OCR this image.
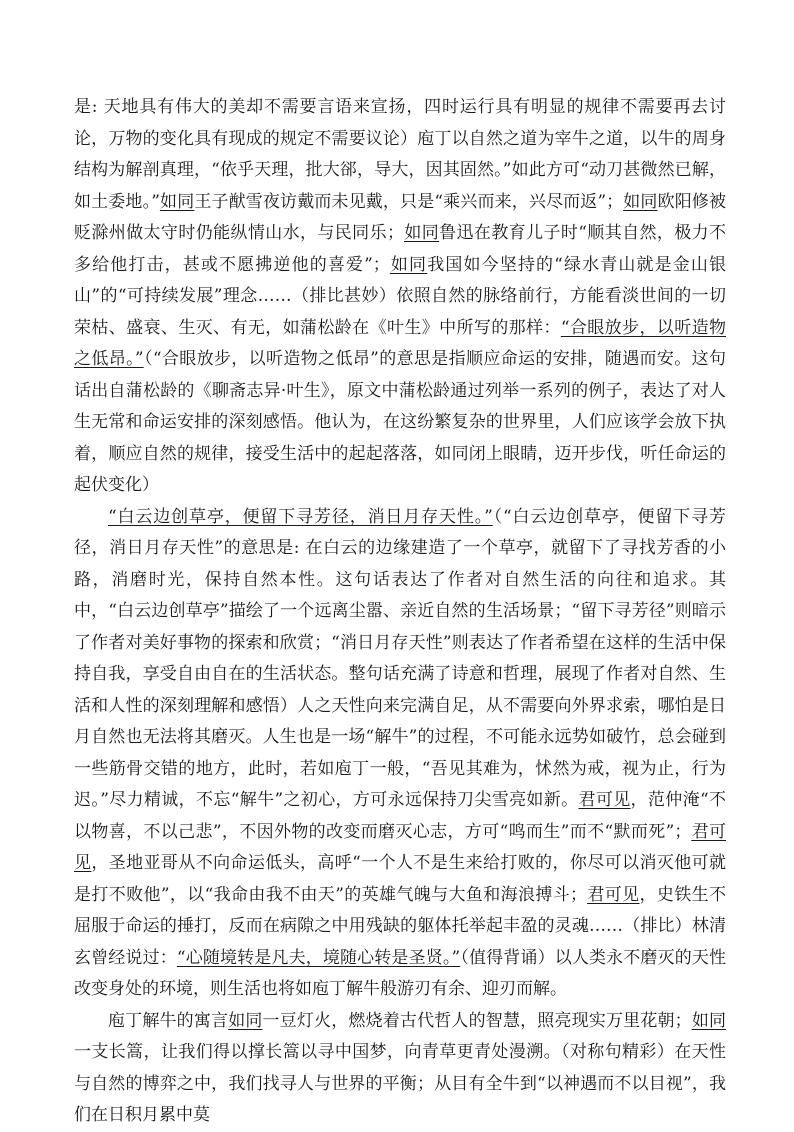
是: 天地具有伟大的美却不需要言语来宣扬，四时运行具有明显的规律不需要再去讨论，万物的变化具有现成的规定不需要议论）庖丁以自然之道为宰牛之道，以牛的周身结构为解剖真理，“依乎天理，批大郤，导大，因其固然。”如此方可“动刀甚微然已解，如土委地。”如同王子猷雪夜访戴而未见戴，只是“乘兴而来，兴尽而返”；如同欧阳修被贬滁州做太守时仍能纵情山水，与民同乐；如同鲁迅在教育儿子时“顺其自然，极力不多给他打击，甚或不愿拂逆他的喜爱”；如同我国如今坚持的“绿水青山就是金山银山”的“可持续发展”理念……（排比甚妙）依照自然的脉络前行，方能看淡世间的一切荣枯、盛衰、生灭、有无，如蒲松龄在《叶生》中所写的那样：“合眼放步，以听造物之低昂。”（“合眼放步，以听造物之低昂”的意思是指顺应命运的安排，随遇而安。这句话出自蒲松龄的《聊斋志异·叶生》，原文中蒲松龄通过列举一系列的例子，表达了对人生无常和命运安排的深刻感悟。他认为，在这纷繁复杂的世界里，人们应该学会放下执着，顺应自然的规律，接受生活中的起起落落，如同闭上眼睛，迈开步伐，听任命运的起伏变化）

“白云边创草亭，便留下寻芳径，消日月存天性。”（“白云边创草亭，便留下寻芳径，消日月存天性”的意思是: 在白云的边缘建造了一个草亭，就留下了寻找芳香的小路，消磨时光，保持自然本性。这句话表达了作者对自然生活的向往和追求。其中，“白云边创草亭”描绘了一个远离尘嚣、亲近自然的生活场景；“留下寻芳径”则暗示了作者对美好事物的探索和欣赏；“消日月存天性”则表达了作者希望在这样的生活中保持自我，享受自由自在的生活状态。整句话充满了诗意和哲理，展现了作者对自然、生活和人性的深刻理解和感悟）人之天性向来完满自足，从不需要向外界求索，哪怕是日月自然也无法将其磨灭。人生也是一场“解牛”的过程，不可能永远势如破竹，总会碰到一些筋骨交错的地方，此时，若如庖丁一般，“吾见其难为，怵然为戒，视为止，行为迟。”尽力精诚，不忘“解牛”之初心，方可永远保持刀尖雪亮如新。君可见，范仲淹“不以物喜，不以己悲”，不因外物的改变而磨灭心志，方可“鸣而生”而不“默而死”；君可见，圣地亚哥从不向命运低头，高呼“一个人不是生来给打败的，你尽可以消灭他可就是打不败他”，以“我命由我不由天”的英雄气魄与大鱼和海浪搏斗；君可见，史铁生不屈服于命运的捶打，反而在病隙之中用残缺的躯体托举起丰盈的灵魂……（排比）林清玄曾经说过：“心随境转是凡夫，境随心转是圣贤。”（值得背诵）以人类永不磨灭的天性改变身处的环境，则生活也将如庖丁解牛般游刃有余、迎刃而解。

庖丁解牛的寓言如同一豆灯火，燃烧着古代哲人的智慧，照亮现实万里花朝；如同一支长篙，让我们得以撑长篙以寻中国梦，向青草更青处漫溯。（对称句精彩）在天性与自然的博弈之中，我们找寻人与世界的平衡；从目有全牛到“以神遇而不以目视”，我们在日积月累中莫
